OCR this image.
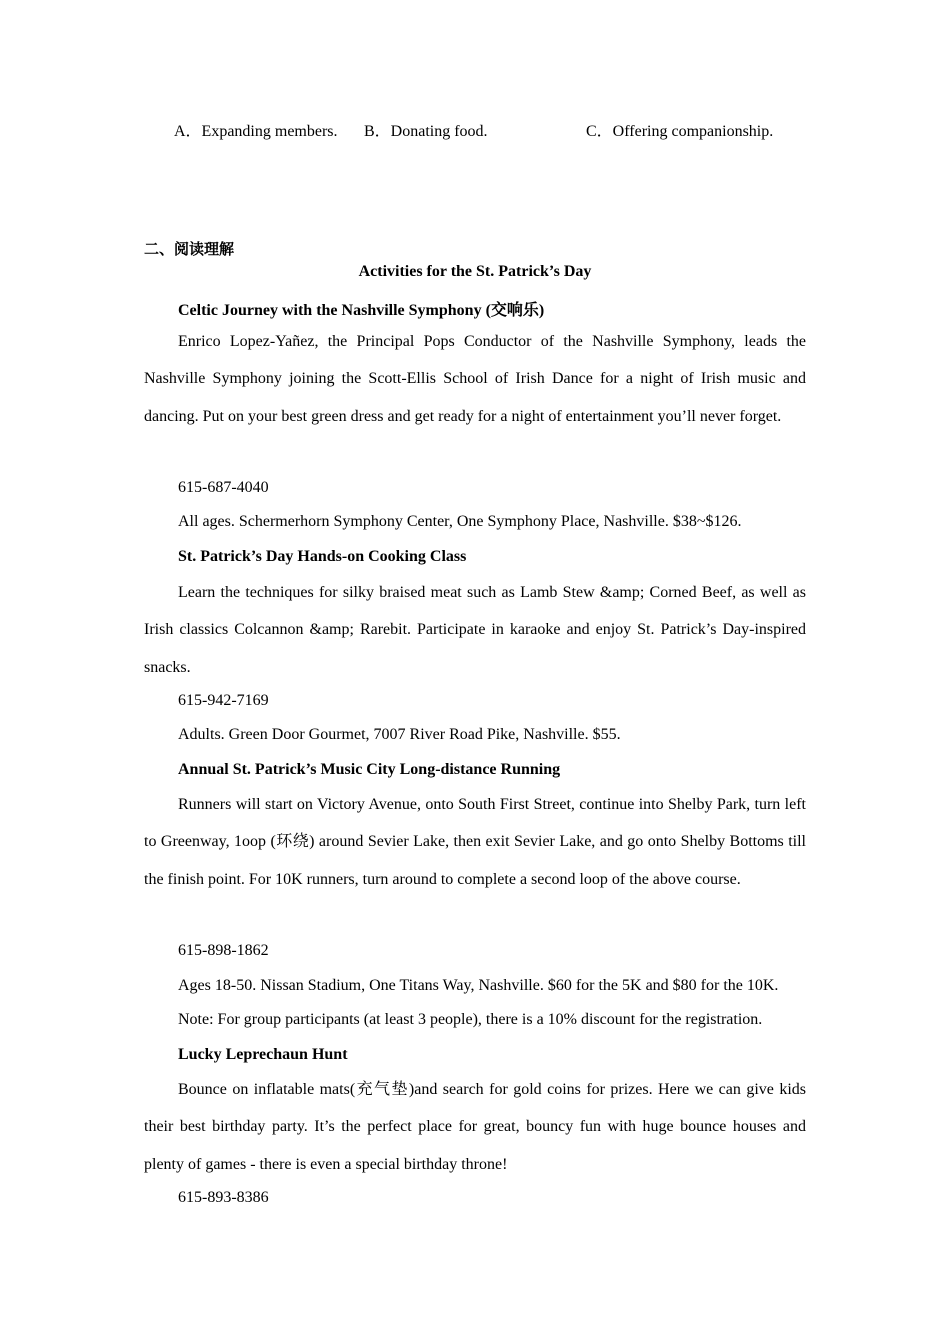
A．Expanding members. B．Donating food.	C．Offering companionship.
二、阅读理解
Activities for the St. Patrick’s Day
Celtic Journey with the Nashville Symphony (交响乐)
Enrico Lopez-Yañez, the Principal Pops Conductor of the Nashville Symphony, leads the Nashville Symphony joining the Scott-Ellis School of Irish Dance for a night of Irish music and dancing. Put on your best green dress and get ready for a night of entertainment you’ll never forget.
615-687-4040
All ages. Schermerhorn Symphony Center, One Symphony Place, Nashville. $38~$126.
St. Patrick’s Day Hands-on Cooking Class
Learn the techniques for silky braised meat such as Lamb Stew &amp; Corned Beef, as well as Irish classics Colcannon &amp; Rarebit. Participate in karaoke and enjoy St. Patrick’s Day-inspired snacks.
615-942-7169
Adults. Green Door Gourmet, 7007 River Road Pike, Nashville. $55.
Annual St. Patrick’s Music City Long-distance Running
Runners will start on Victory Avenue, onto South First Street, continue into Shelby Park, turn left to Greenway, 1oop (环绕) around Sevier Lake, then exit Sevier Lake, and go onto Shelby Bottoms till the finish point. For 10K runners, turn around to complete a second loop of the above course.
615-898-1862
Ages 18-50. Nissan Stadium, One Titans Way, Nashville. $60 for the 5K and $80 for the 10K.
Note: For group participants (at least 3 people), there is a 10% discount for the registration.
Lucky Leprechaun Hunt
Bounce on inflatable mats(充气垫)and search for gold coins for prizes. Here we can give kids their best birthday party. It’s the perfect place for great, bouncy fun with huge bounce houses and plenty of games - there is even a special birthday throne!
615-893-8386
